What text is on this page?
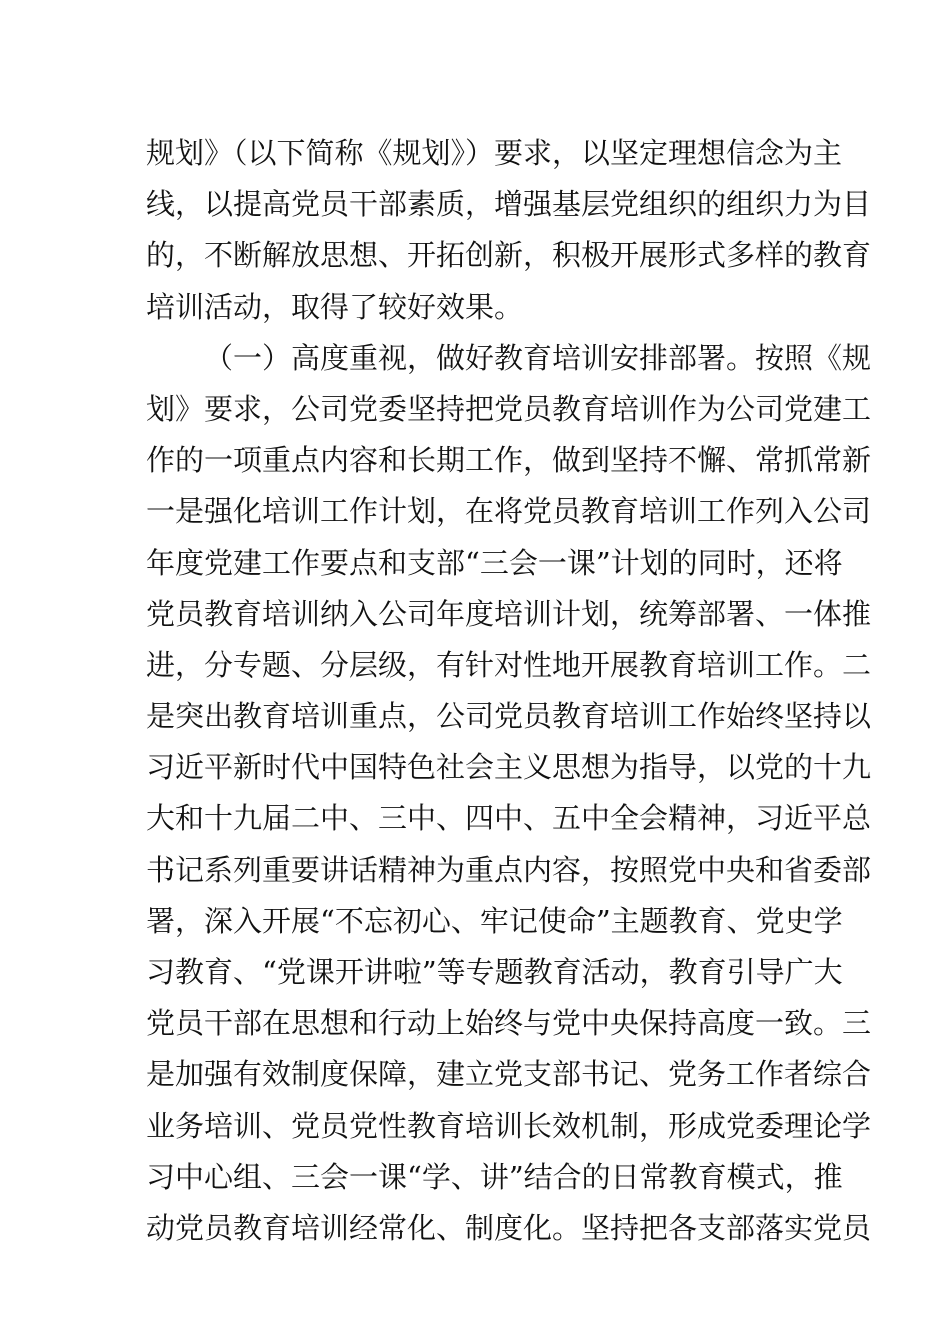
规划》（以下简称《规划》）要求，以坚定理想信念为主
线，以提高党员干部素质，增强基层党组织的组织力为目
的，不断解放思想、开拓创新，积极开展形式多样的教育
培训活动，取得了较好效果。
（一）高度重视，做好教育培训安排部署。按照《规
划》要求，公司党委坚持把党员教育培训作为公司党建工
作的一项重点内容和长期工作，做到坚持不懈、常抓常新
一是强化培训工作计划，在将党员教育培训工作列入公司
年度党建工作要点和支部“三会一课”计划的同时，还将
党员教育培训纳入公司年度培训计划，统筹部署、一体推
进，分专题、分层级，有针对性地开展教育培训工作。二
是突出教育培训重点，公司党员教育培训工作始终坚持以
习近平新时代中国特色社会主义思想为指导，以党的十九
大和十九届二中、三中、四中、五中全会精神，习近平总
书记系列重要讲话精神为重点内容，按照党中央和省委部
署，深入开展“不忘初心、牢记使命”主题教育、党史学
习教育、“党课开讲啦”等专题教育活动，教育引导广大
党员干部在思想和行动上始终与党中央保持高度一致。三
是加强有效制度保障，建立党支部书记、党务工作者综合
业务培训、党员党性教育培训长效机制，形成党委理论学
习中心组、三会一课“学、讲”结合的日常教育模式，推
动党员教育培训经常化、制度化。坚持把各支部落实党员
